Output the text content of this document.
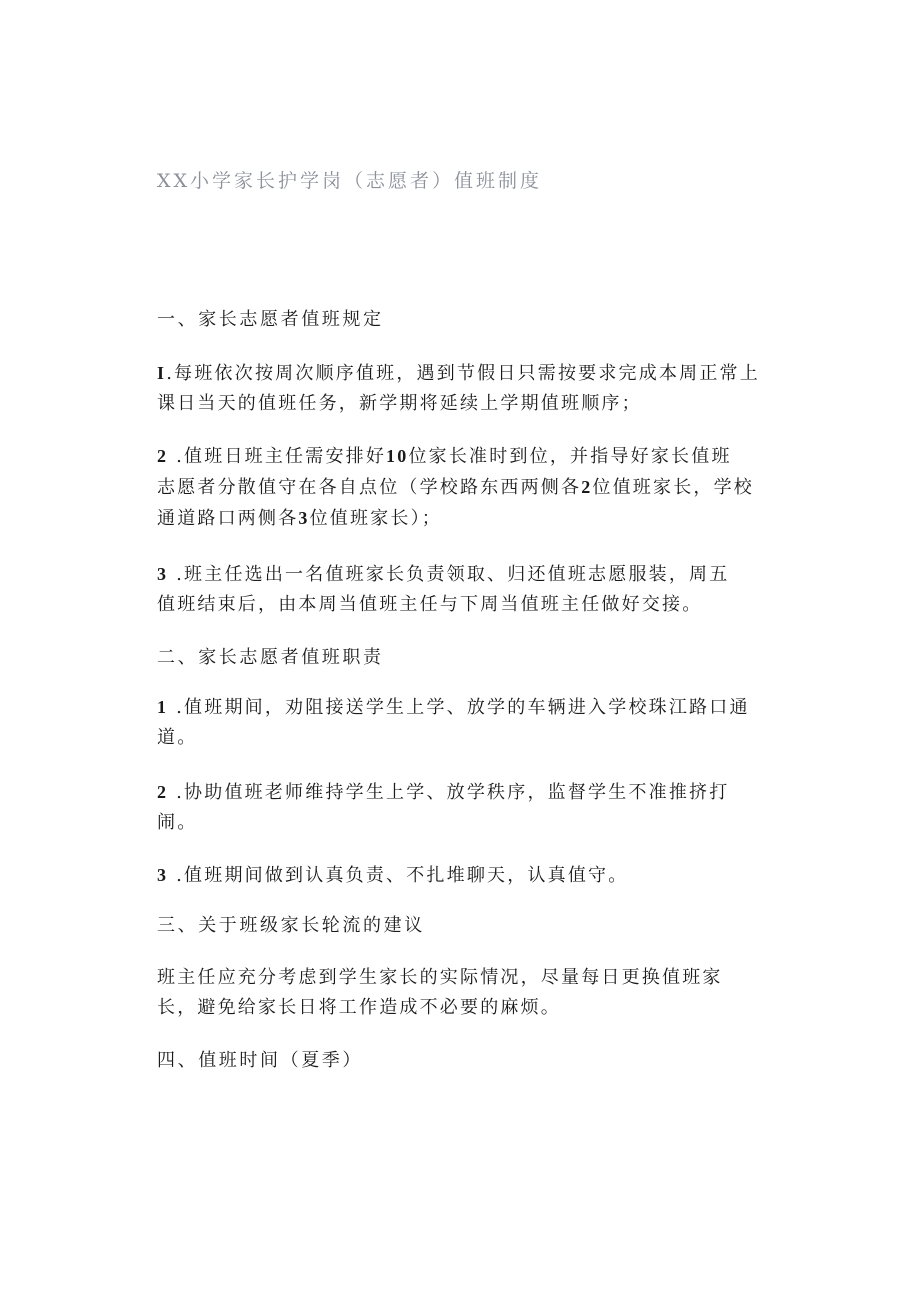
XX小学家长护学岗（志愿者）值班制度
一、家长志愿者值班规定
I.每班依次按周次顺序值班，遇到节假日只需按要求完成本周正常上
课日当天的值班任务，新学期将延续上学期值班顺序；
2 .值班日班主任需安排好10位家长准时到位，并指导好家长值班
志愿者分散值守在各自点位（学校路东西两侧各2位值班家长，学校
通道路口两侧各3位值班家长）；
3 .班主任选出一名值班家长负责领取、归还值班志愿服装，周五
值班结束后，由本周当值班主任与下周当值班主任做好交接。
二、家长志愿者值班职责
1 .值班期间，劝阻接送学生上学、放学的车辆进入学校珠江路口通
道。
2 .协助值班老师维持学生上学、放学秩序，监督学生不准推挤打
闹。
3 .值班期间做到认真负责、不扎堆聊天，认真值守。
三、关于班级家长轮流的建议
班主任应充分考虑到学生家长的实际情况，尽量每日更换值班家
长，避免给家长日将工作造成不必要的麻烦。
四、值班时间（夏季）
